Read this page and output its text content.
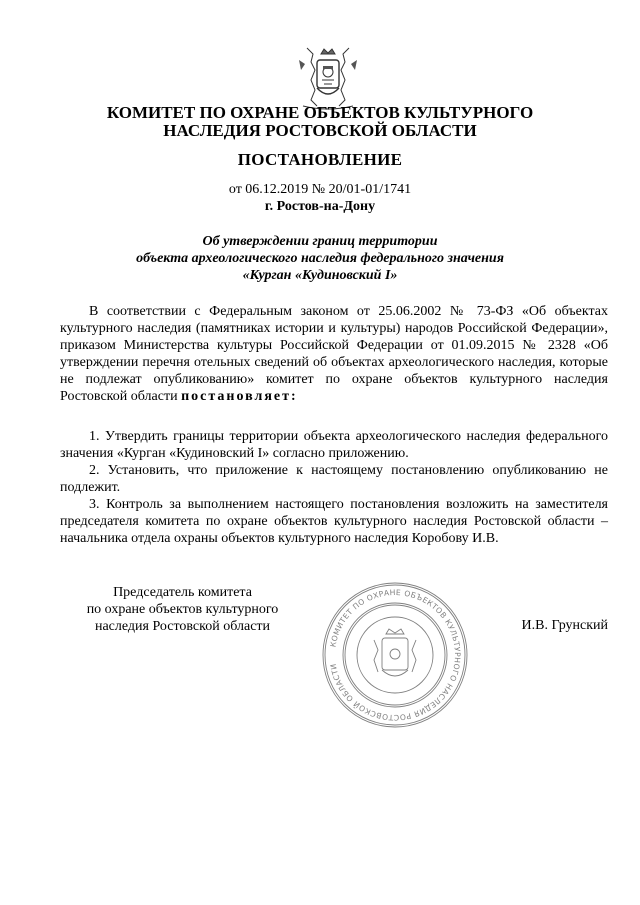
КОМИТЕТ ПО ОХРАНЕ ОБЪЕКТОВ КУЛЬТУРНОГО
НАСЛЕДИЯ РОСТОВСКОЙ ОБЛАСТИ
ПОСТАНОВЛЕНИЕ
от 06.12.2019 № 20/01-01/1741
г. Ростов-на-Дону
Об утверждении границ территории
объекта археологического наследия федерального значения
«Курган «Кудиновский I»

В соответствии с Федеральным законом от 25.06.2002 № 73-ФЗ «Об объектах культурного наследия (памятниках истории и культуры) народов Российской Федерации», приказом Министерства культуры Российской Федерации от 01.09.2015 № 2328 «Об утверждении перечня отельных сведений об объектах археологического наследия, которые не подлежат опубликованию» комитет по охране объектов культурного наследия Ростовской области постановляет:

1. Утвердить границы территории объекта археологического наследия федерального значения «Курган «Кудиновский I» согласно приложению.

2. Установить, что приложение к настоящему постановлению опубликованию не подлежит.

3. Контроль за выполнением настоящего постановления возложить на заместителя председателя комитета по охране объектов культурного наследия Ростовской области – начальника отдела охраны объектов культурного наследия Коробову И.В.

Председатель комитета
по охране объектов культурного
наследия Ростовской области
КОМИТЕТ ПО ОХРАНЕ ОБЪЕКТОВ КУЛЬТУРНОГО НАСЛЕДИЯ РОСТОВСКОЙ ОБЛАСТИ
И.В. Грунский
